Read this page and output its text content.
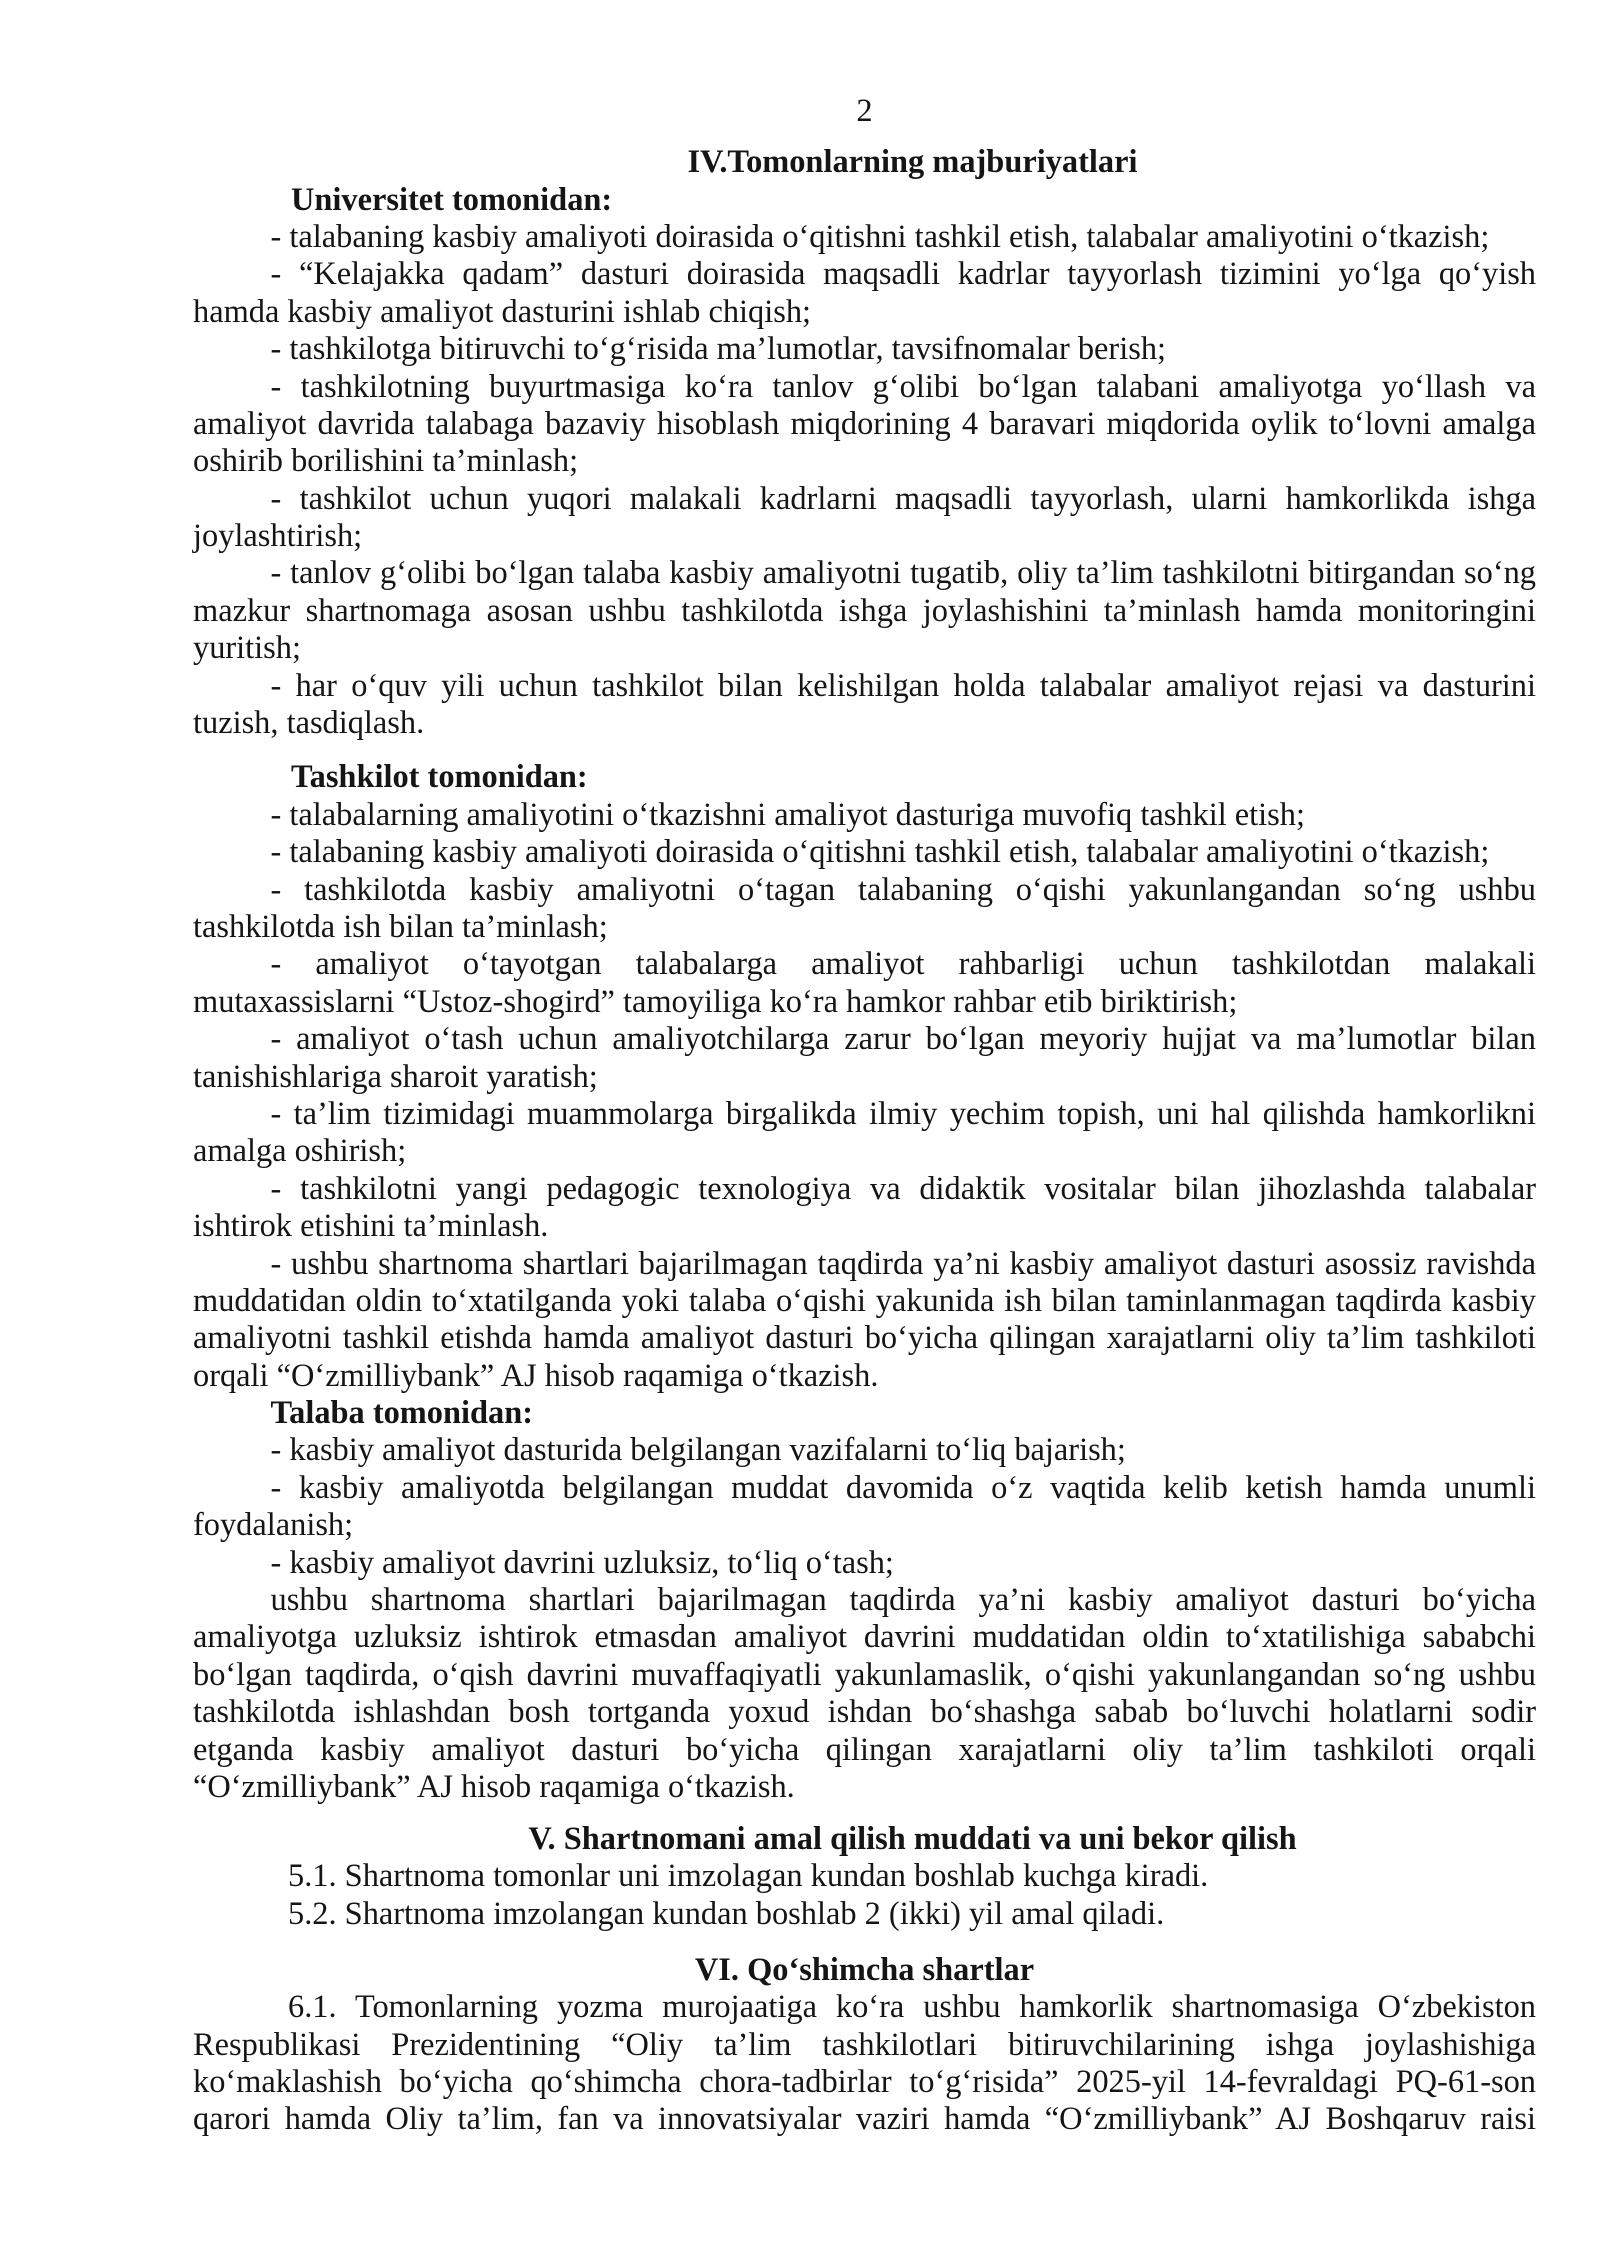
2
IV.Tomonlarning majburiyatlari
Universitet tomonidan:
- talabaning kasbiy amaliyoti doirasida o‘qitishni tashkil etish, talabalar amaliyotini o‘tkazish;
- “Kelajakka qadam” dasturi doirasida maqsadli kadrlar tayyorlash tizimini yo‘lga qo‘yish
hamda kasbiy amaliyot dasturini ishlab chiqish;
- tashkilotga bitiruvchi to‘g‘risida ma’lumotlar, tavsifnomalar berish;
- tashkilotning buyurtmasiga ko‘ra tanlov g‘olibi bo‘lgan talabani amaliyotga yo‘llash va
amaliyot davrida talabaga bazaviy hisoblash miqdorining 4 baravari miqdorida oylik to‘lovni amalga
oshirib borilishini ta’minlash;
- tashkilot uchun yuqori malakali kadrlarni maqsadli tayyorlash, ularni hamkorlikda ishga
joylashtirish;
- tanlov g‘olibi bo‘lgan talaba kasbiy amaliyotni tugatib, oliy ta’lim tashkilotni bitirgandan so‘ng
mazkur shartnomaga asosan ushbu tashkilotda ishga joylashishini ta’minlash hamda monitoringini
yuritish;
- har o‘quv yili uchun tashkilot bilan kelishilgan holda talabalar amaliyot rejasi va dasturini
tuzish, tasdiqlash.
Tashkilot tomonidan:
- talabalarning amaliyotini o‘tkazishni amaliyot dasturiga muvofiq tashkil etish;
- talabaning kasbiy amaliyoti doirasida o‘qitishni tashkil etish, talabalar amaliyotini o‘tkazish;
- tashkilotda kasbiy amaliyotni o‘tagan talabaning o‘qishi yakunlangandan so‘ng ushbu
tashkilotda ish bilan ta’minlash;
- amaliyot o‘tayotgan talabalarga amaliyot rahbarligi uchun tashkilotdan malakali
mutaxassislarni “Ustoz-shogird” tamoyiliga ko‘ra hamkor rahbar etib biriktirish;
- amaliyot o‘tash uchun amaliyotchilarga zarur bo‘lgan meyoriy hujjat va ma’lumotlar bilan
tanishishlariga sharoit yaratish;
- ta’lim tizimidagi muammolarga birgalikda ilmiy yechim topish, uni hal qilishda hamkorlikni
amalga oshirish;
- tashkilotni yangi pedagogic texnologiya va didaktik vositalar bilan jihozlashda talabalar
ishtirok etishini ta’minlash.
- ushbu shartnoma shartlari bajarilmagan taqdirda ya’ni kasbiy amaliyot dasturi asossiz ravishda
muddatidan oldin to‘xtatilganda yoki talaba o‘qishi yakunida ish bilan taminlanmagan taqdirda kasbiy
amaliyotni tashkil etishda hamda amaliyot dasturi bo‘yicha qilingan xarajatlarni oliy ta’lim tashkiloti
orqali “O‘zmilliybank” AJ hisob raqamiga o‘tkazish.
Talaba tomonidan:
- kasbiy amaliyot dasturida belgilangan vazifalarni to‘liq bajarish;
- kasbiy amaliyotda belgilangan muddat davomida o‘z vaqtida kelib ketish hamda unumli
foydalanish;
- kasbiy amaliyot davrini uzluksiz, to‘liq o‘tash;
ushbu shartnoma shartlari bajarilmagan taqdirda ya’ni kasbiy amaliyot dasturi bo‘yicha
amaliyotga uzluksiz ishtirok etmasdan amaliyot davrini muddatidan oldin to‘xtatilishiga sababchi
bo‘lgan taqdirda, o‘qish davrini muvaffaqiyatli yakunlamaslik, o‘qishi yakunlangandan so‘ng ushbu
tashkilotda ishlashdan bosh tortganda yoxud ishdan bo‘shashga sabab bo‘luvchi holatlarni sodir
etganda kasbiy amaliyot dasturi bo‘yicha qilingan xarajatlarni oliy ta’lim tashkiloti orqali
“O‘zmilliybank” AJ hisob raqamiga o‘tkazish.
V. Shartnomani amal qilish muddati va uni bekor qilish
5.1. Shartnoma tomonlar uni imzolagan kundan boshlab kuchga kiradi.
5.2. Shartnoma imzolangan kundan boshlab 2 (ikki) yil amal qiladi.
VI. Qo‘shimcha shartlar
6.1. Tomonlarning yozma murojaatiga ko‘ra ushbu hamkorlik shartnomasiga O‘zbekiston
Respublikasi Prezidentining “Oliy ta’lim tashkilotlari bitiruvchilarining ishga joylashishiga
ko‘maklashish bo‘yicha qo‘shimcha chora-tadbirlar to‘g‘risida” 2025-yil 14-fevraldagi PQ-61-son
qarori hamda Oliy ta’lim, fan va innovatsiyalar vaziri hamda “O‘zmilliybank” AJ Boshqaruv raisi
